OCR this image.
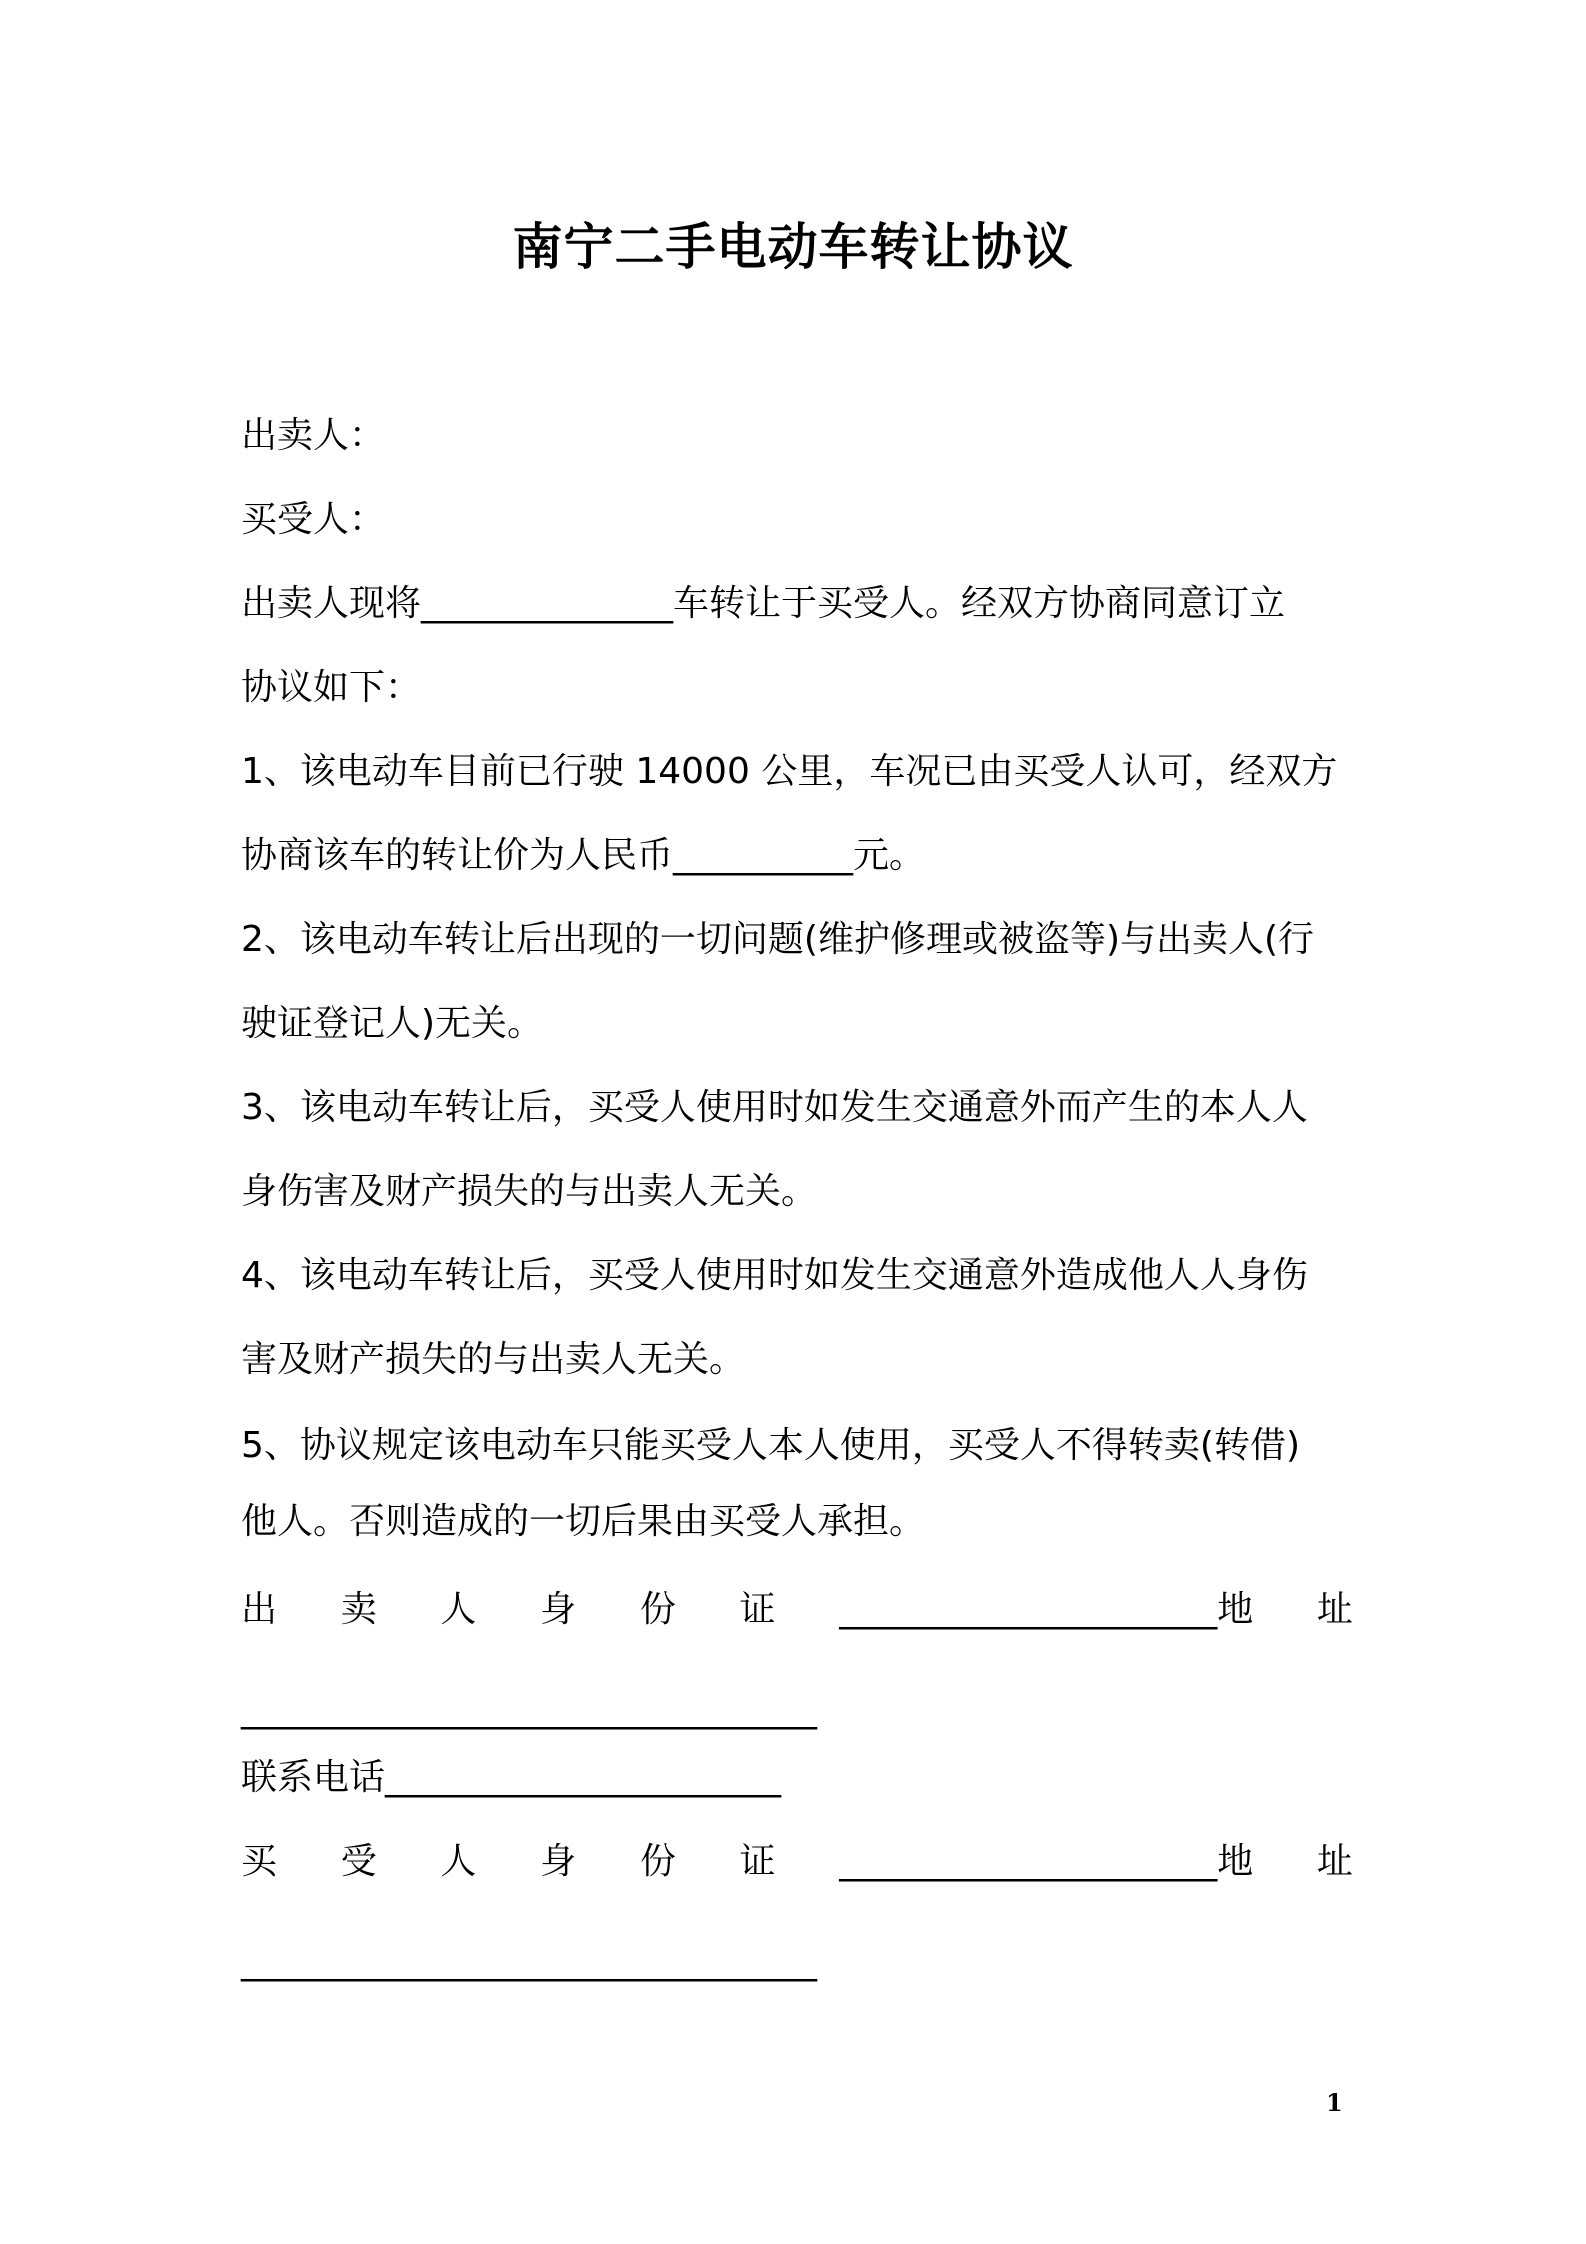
南宁二手电动车转让协议
出卖人：
买受人：
出卖人现将______________车转让于买受人。经双方协商同意订立
协议如下：
1、该电动车目前已行驶 14000 公里，车况已由买受人认可，经双方
协商该车的转让价为人民币__________元。
2、该电动车转让后出现的一切问题(维护修理或被盗等)与出卖人(行
驶证登记人)无关。
3、该电动车转让后，买受人使用时如发生交通意外而产生的本人人
身伤害及财产损失的与出卖人无关。
4、该电动车转让后，买受人使用时如发生交通意外造成他人人身伤
害及财产损失的与出卖人无关。
5、协议规定该电动车只能买受人本人使用，买受人不得转卖(转借)
他人。否则造成的一切后果由买受人承担。
出 卖 人 身 份 证 _____________________地 址
________________________________
联系电话______________________
买 受 人 身 份 证 _____________________地 址
________________________________
1
